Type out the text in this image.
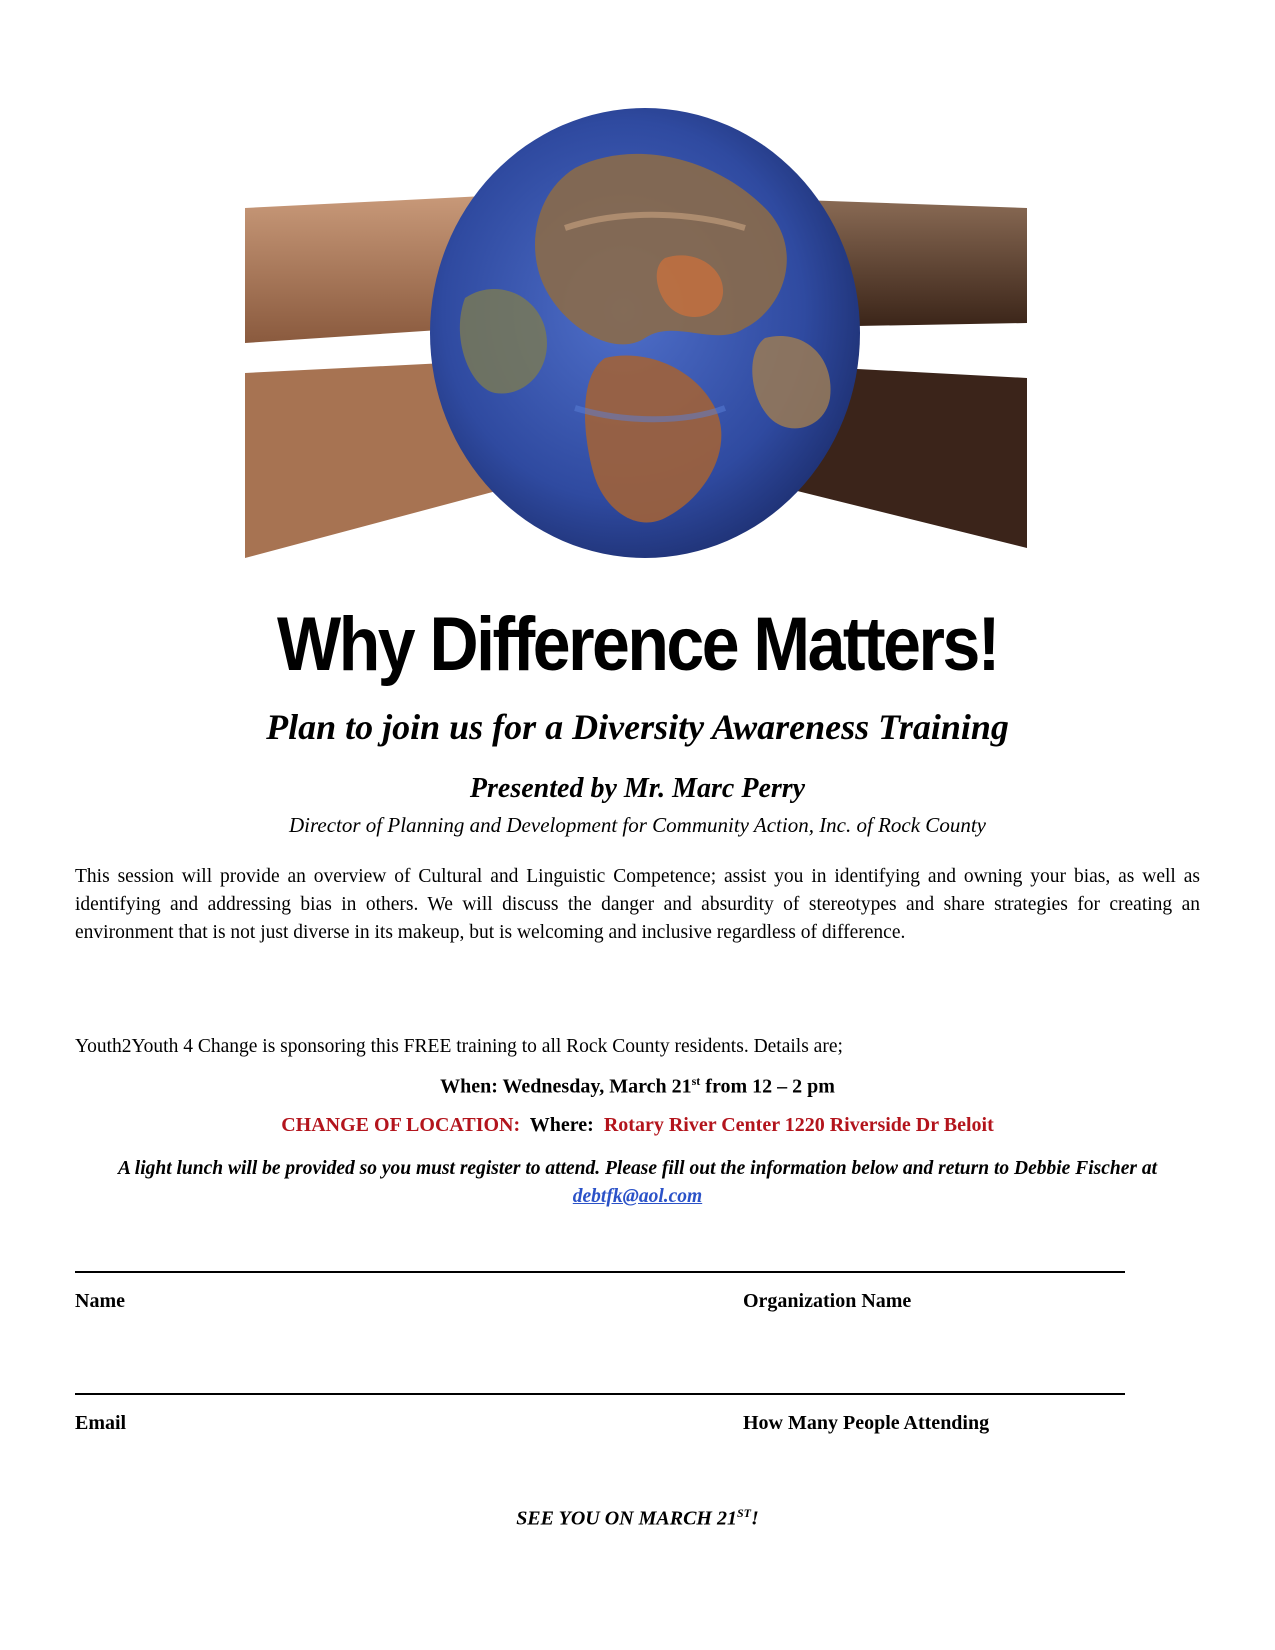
Why Difference Matters!
Plan to join us for a Diversity Awareness Training
Presented by Mr. Marc Perry
Director of Planning and Development for Community Action, Inc. of Rock County

This session will provide an overview of Cultural and Linguistic Competence; assist you in identifying and owning your bias, as well as identifying and addressing bias in others. We will discuss the danger and absurdity of stereotypes and share strategies for creating an environment that is not just diverse in its makeup, but is welcoming and inclusive regardless of difference.

Youth2Youth 4 Change is sponsoring this FREE training to all Rock County residents. Details are;

When: Wednesday, March 21st from 12 – 2 pm
CHANGE OF LOCATION: Where: Rotary River Center 1220 Riverside Dr Beloit
A light lunch will be provided so you must register to attend. Please fill out the information below and return to Debbie Fischer at debtfk@aol.com
Name	Organization Name
Email	How Many People Attending
SEE YOU ON MARCH 21ST!
